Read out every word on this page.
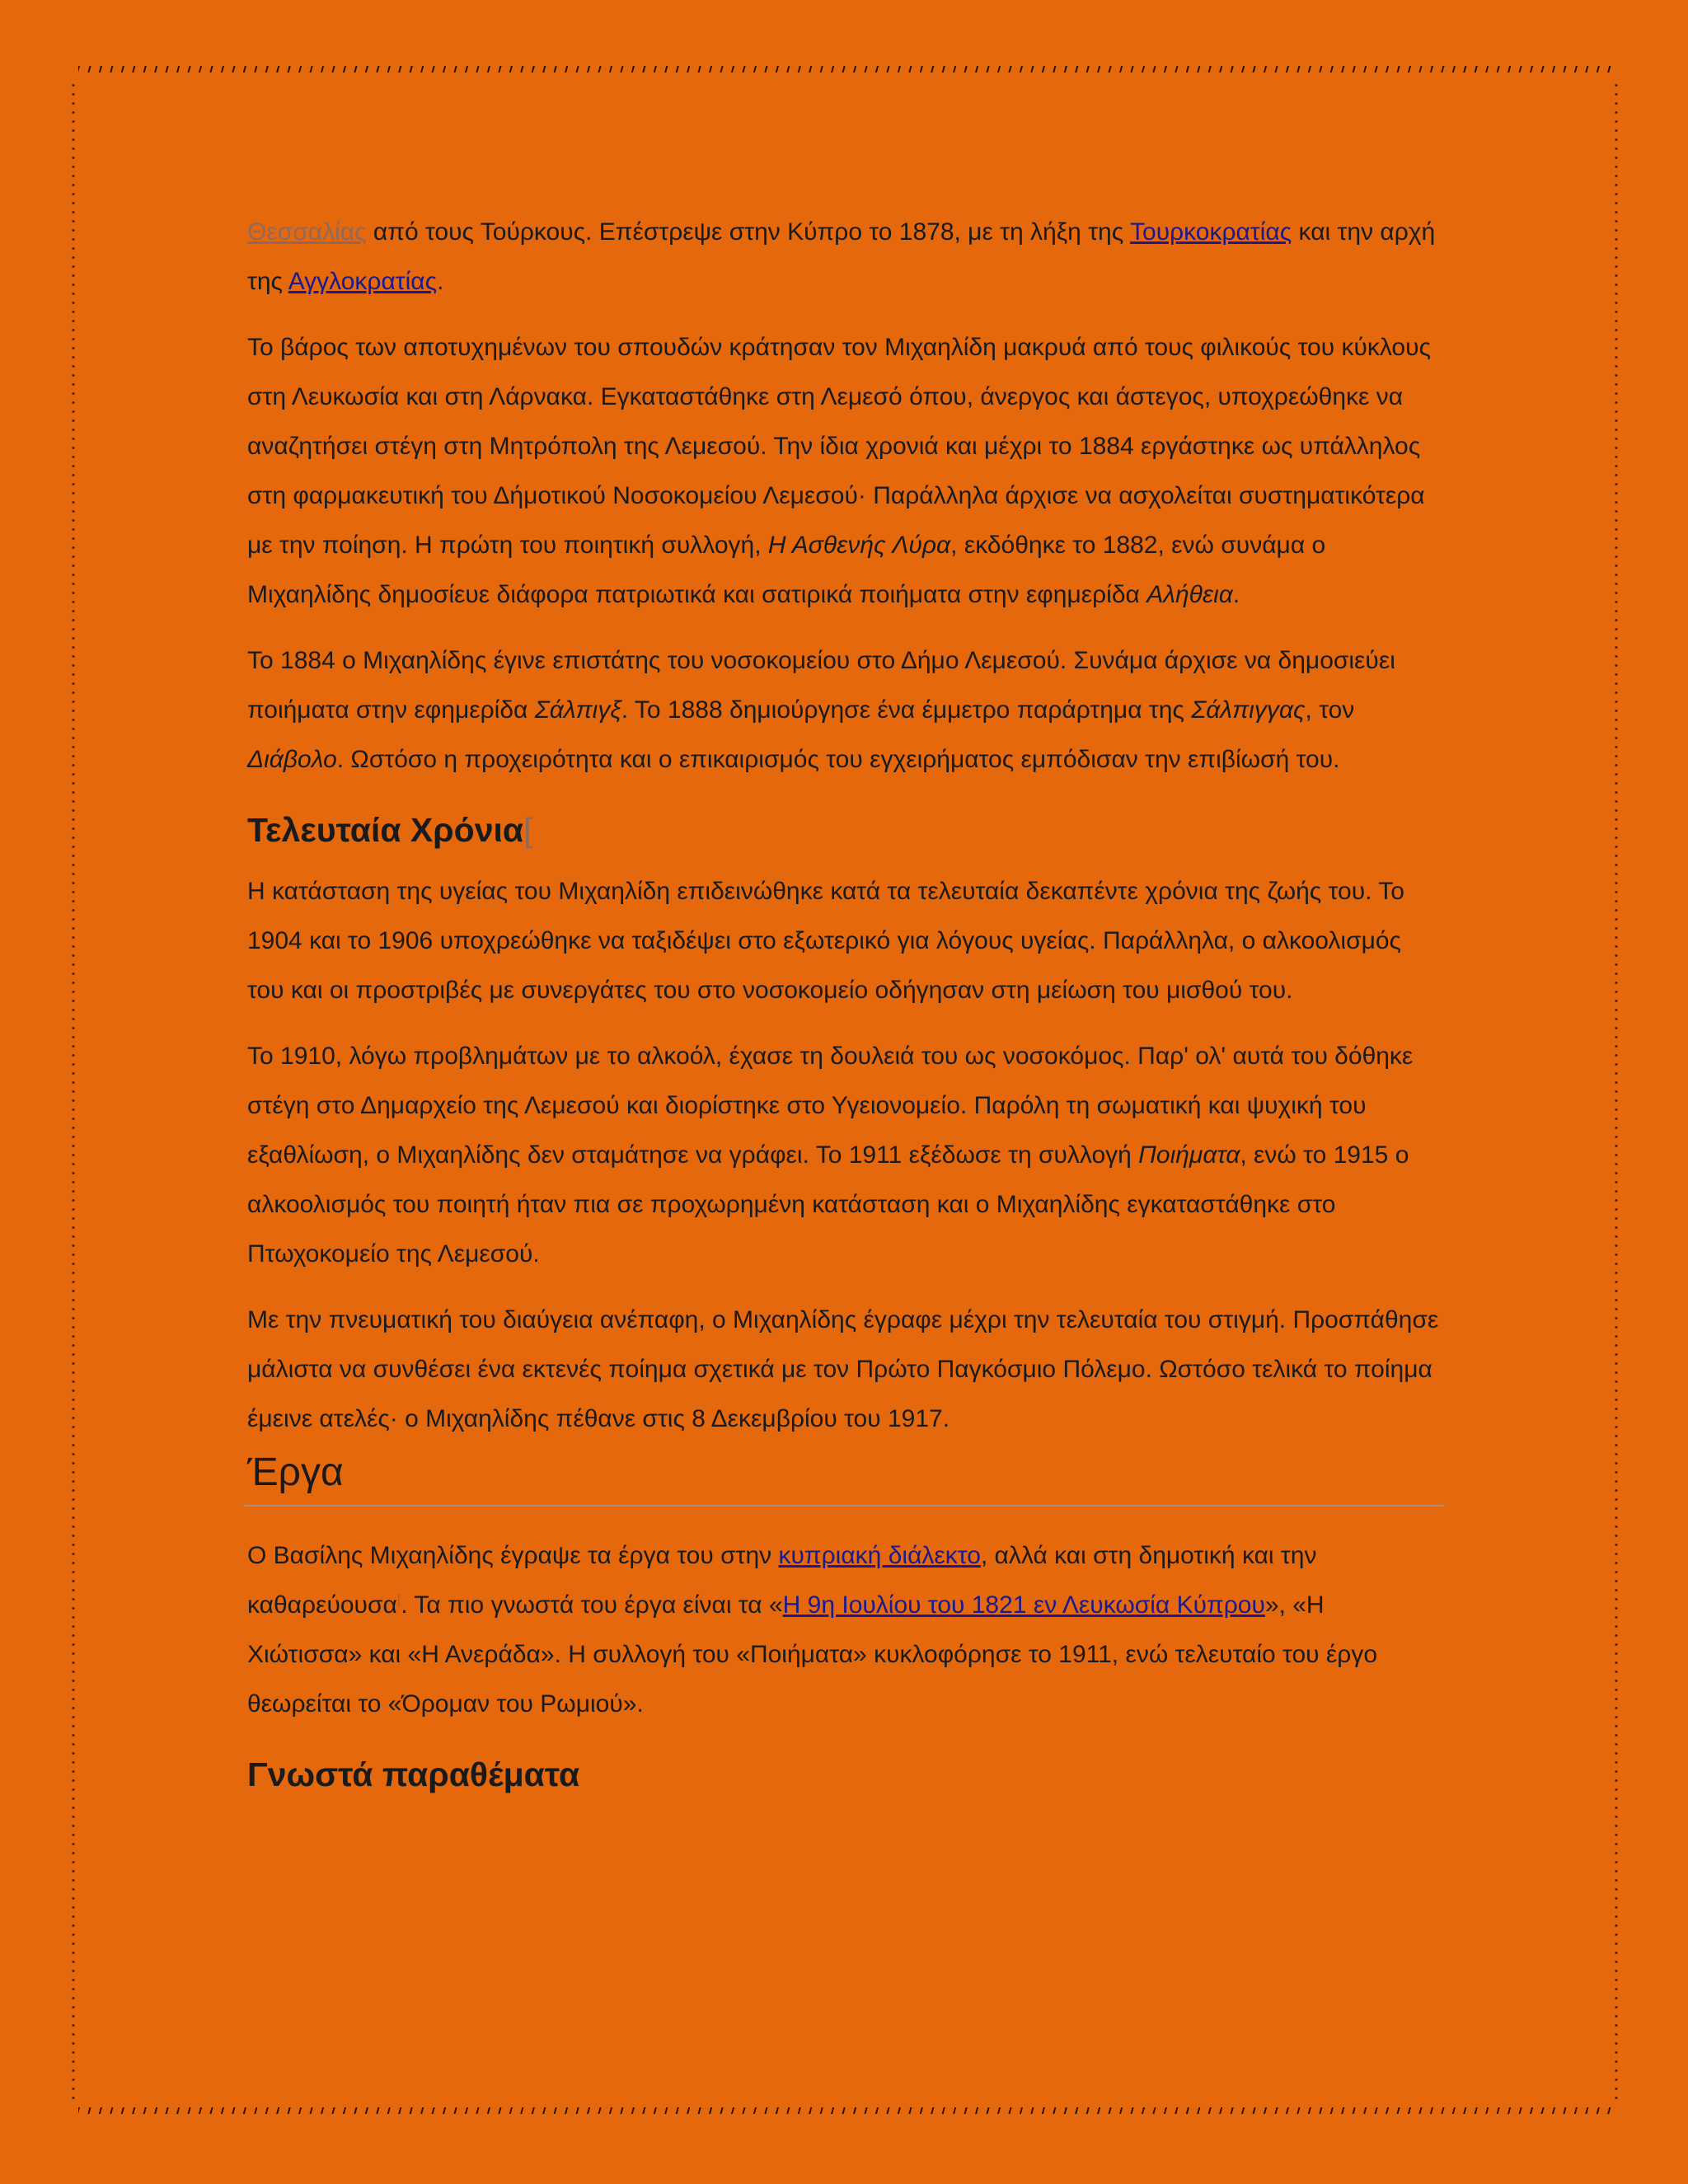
Θεσσαλίας από τους Τούρκους. Επέστρεψε στην Κύπρο το 1878, με τη λήξη της Τουρκοκρατίας και την αρχή της Αγγλοκρατίας.

Το βάρος των αποτυχημένων του σπουδών κράτησαν τον Μιχαηλίδη μακρυά από τους φιλικούς του κύκλους στη Λευκωσία και στη Λάρνακα. Εγκαταστάθηκε στη Λεμεσό όπου, άνεργος και άστεγος, υποχρεώθηκε να αναζητήσει στέγη στη Μητρόπολη της Λεμεσού. Την ίδια χρονιά και μέχρι το 1884 εργάστηκε ως υπάλληλος στη φαρμακευτική του Δήμοτικού Νοσοκομείου Λεμεσού· Παράλληλα άρχισε να ασχολείται συστηματικότερα με την ποίηση. Η πρώτη του ποιητική συλλογή, Η Ασθενής Λύρα, εκδόθηκε το 1882, ενώ συνάμα ο Μιχαηλίδης δημοσίευε διάφορα πατριωτικά και σατιρικά ποιήματα στην εφημερίδα Αλήθεια.

Το 1884 ο Μιχαηλίδης έγινε επιστάτης του νοσοκομείου στο Δήμο Λεμεσού. Συνάμα άρχισε να δημοσιεύει ποιήματα στην εφημερίδα Σάλπιγξ. Το 1888 δημιούργησε ένα έμμετρο παράρτημα της Σάλπιγγας, τον Διάβολο. Ωστόσο η προχειρότητα και ο επικαιρισμός του εγχειρήματος εμπόδισαν την επιβίωσή του.

Τελευταία Χρόνια[

Η κατάσταση της υγείας του Μιχαηλίδη επιδεινώθηκε κατά τα τελευταία δεκαπέντε χρόνια της ζωής του. Το 1904 και το 1906 υποχρεώθηκε να ταξιδέψει στο εξωτερικό για λόγους υγείας. Παράλληλα, ο αλκοολισμός του και οι προστριβές με συνεργάτες του στο νοσοκομείο οδήγησαν στη μείωση του μισθού του.

Το 1910, λόγω προβλημάτων με το αλκοόλ, έχασε τη δουλειά του ως νοσοκόμος. Παρ' ολ' αυτά του δόθηκε στέγη στο Δημαρχείο της Λεμεσού και διορίστηκε στο Υγειονομείο. Παρόλη τη σωματική και ψυχική του εξαθλίωση, ο Μιχαηλίδης δεν σταμάτησε να γράφει. Το 1911 εξέδωσε τη συλλογή Ποιήματα, ενώ το 1915 ο αλκοολισμός του ποιητή ήταν πια σε προχωρημένη κατάσταση και ο Μιχαηλίδης εγκαταστάθηκε στο Πτωχοκομείο της Λεμεσού.

Με την πνευματική του διαύγεια ανέπαφη, ο Μιχαηλίδης έγραφε μέχρι την τελευταία του στιγμή. Προσπάθησε μάλιστα να συνθέσει ένα εκτενές ποίημα σχετικά με τον Πρώτο Παγκόσμιο Πόλεμο. Ωστόσο τελικά το ποίημα έμεινε ατελές· ο Μιχαηλίδης πέθανε στις 8 Δεκεμβρίου του 1917.

Έργα

Ο Βασίλης Μιχαηλίδης έγραψε τα έργα του στην κυπριακή διάλεκτο, αλλά και στη δημοτική και την καθαρεύουσα[. Τα πιο γνωστά του έργα είναι τα «Η 9η Ιουλίου του 1821 εν Λευκωσία Κύπρου», «Η Χιώτισσα» και «Η Ανεράδα». Η συλλογή του «Ποιήματα» κυκλοφόρησε το 1911, ενώ τελευταίο του έργο θεωρείται το «Όρομαν του Ρωμιού».

Γνωστά παραθέματα
